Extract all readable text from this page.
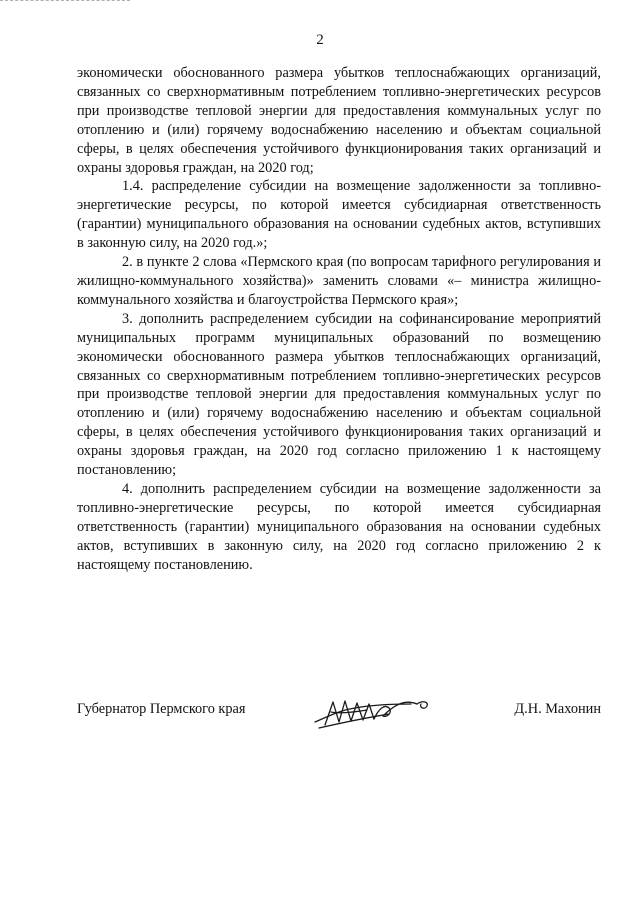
2

экономически обоснованного размера убытков теплоснабжающих организаций, связанных со сверхнормативным потреблением топливно-энергетических ресурсов при производстве тепловой энергии для предоставления коммунальных услуг по отоплению и (или) горячему водоснабжению населению и объектам социальной сферы, в целях обеспечения устойчивого функционирования таких организаций и охраны здоровья граждан, на 2020 год;

1.4. распределение субсидии на возмещение задолженности за топливно-энергетические ресурсы, по которой имеется субсидиарная ответственность (гарантии) муниципального образования на основании судебных актов, вступивших в законную силу, на 2020 год.»;

2. в пункте 2 слова «Пермского края (по вопросам тарифного регулирования и жилищно-коммунального хозяйства)» заменить словами «– министра жилищно-коммунального хозяйства и благоустройства Пермского края»;

3. дополнить распределением субсидии на софинансирование мероприятий муниципальных программ муниципальных образований по возмещению экономически обоснованного размера убытков теплоснабжающих организаций, связанных со сверхнормативным потреблением топливно-энергетических ресурсов при производстве тепловой энергии для предоставления коммунальных услуг по отоплению и (или) горячему водоснабжению населению и объектам социальной сферы, в целях обеспечения устойчивого функционирования таких организаций и охраны здоровья граждан, на 2020 год согласно приложению 1 к настоящему постановлению;

4. дополнить распределением субсидии на возмещение задолженности за топливно-энергетические ресурсы, по которой имеется субсидиарная ответственность (гарантии) муниципального образования на основании судебных актов, вступивших в законную силу, на 2020 год согласно приложению 2 к настоящему постановлению.

Губернатор Пермского края	Д.Н. Махонин
